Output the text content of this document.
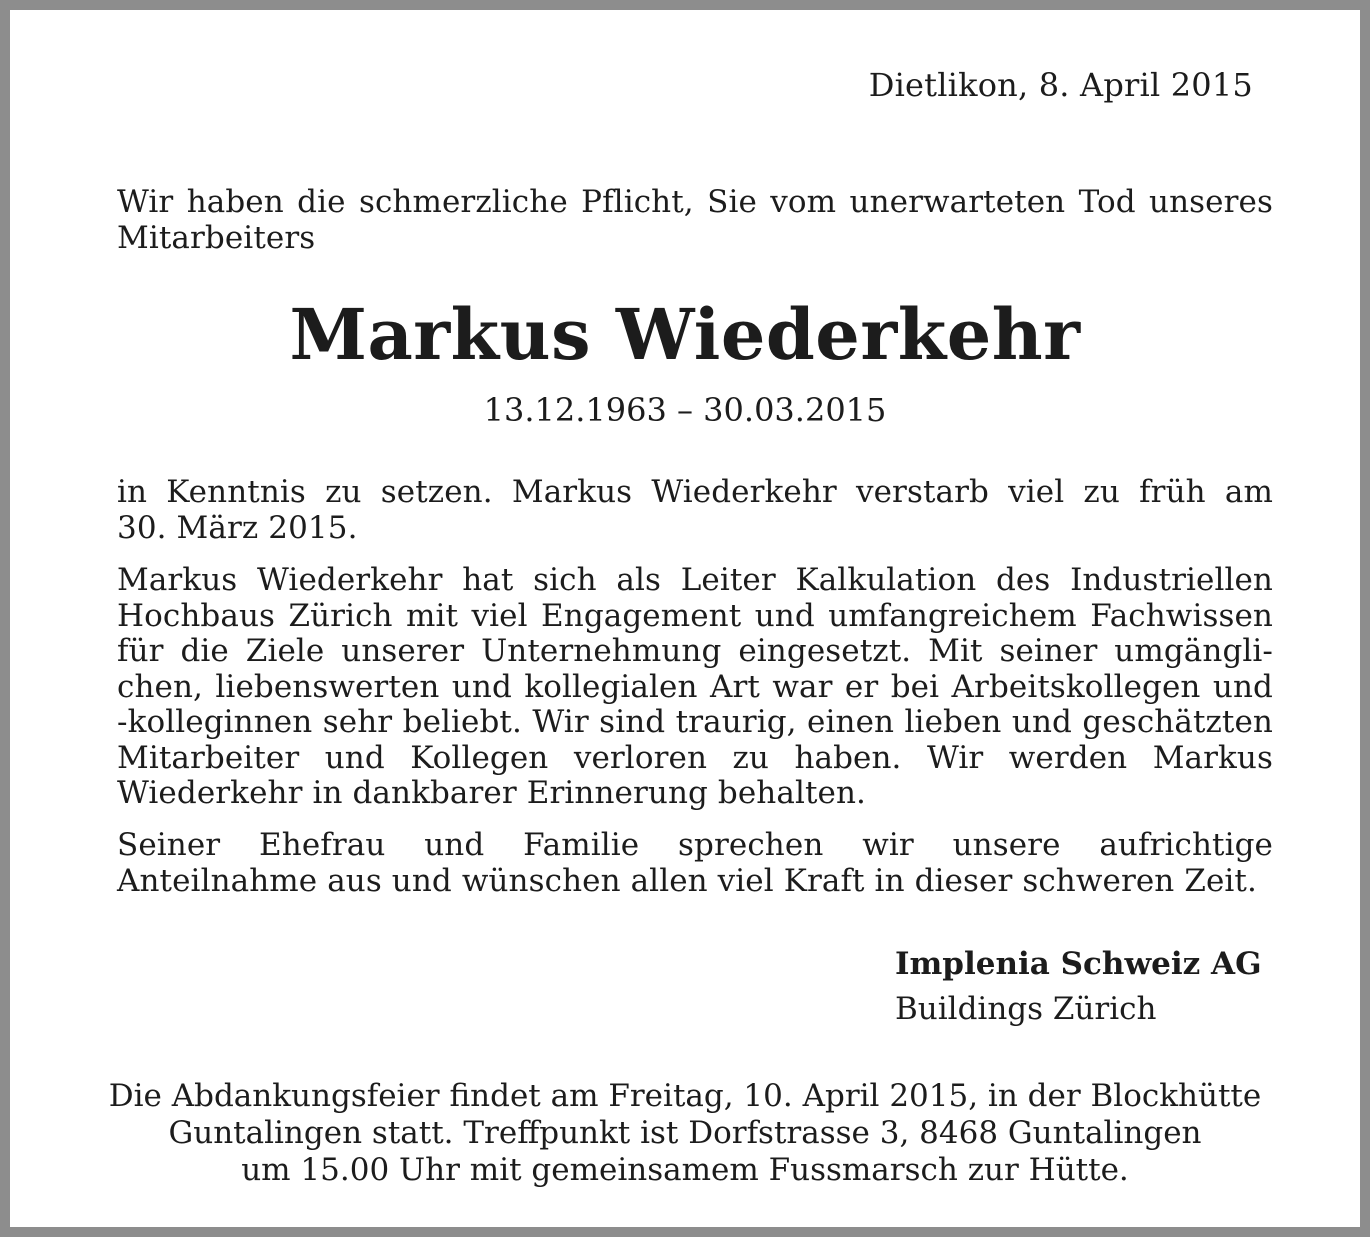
Dietlikon, 8. April 2015
Wir haben die schmerzliche Pflicht, Sie vom unerwarteten Tod unseres Mitarbeiters
Markus Wiederkehr
13.12.1963 – 30.03.2015
in Kenntnis zu setzen. Markus Wiederkehr verstarb viel zu früh am
30. März 2015.
Markus Wiederkehr hat sich als Leiter Kalkulation des Industriellen
Hochbaus Zürich mit viel Engagement und umfangreichem Fachwissen
für die Ziele unserer Unternehmung eingesetzt. Mit seiner umgängli-
chen, liebenswerten und kollegialen Art war er bei Arbeitskollegen und
-kolleginnen sehr beliebt. Wir sind traurig, einen lieben und geschätzten
Mitarbeiter und Kollegen verloren zu haben. Wir werden Markus
Wiederkehr in dankbarer Erinnerung behalten.
Seiner Ehefrau und Familie sprechen wir unsere aufrichtige Anteilnahme aus und wünschen allen viel Kraft in dieser schweren Zeit.
Implenia Schweiz AG
Buildings Zürich
Die Abdankungsfeier findet am Freitag, 10. April 2015, in der Blockhütte
Guntalingen statt. Treffpunkt ist Dorfstrasse 3, 8468 Guntalingen
um 15.00 Uhr mit gemeinsamem Fussmarsch zur Hütte.
